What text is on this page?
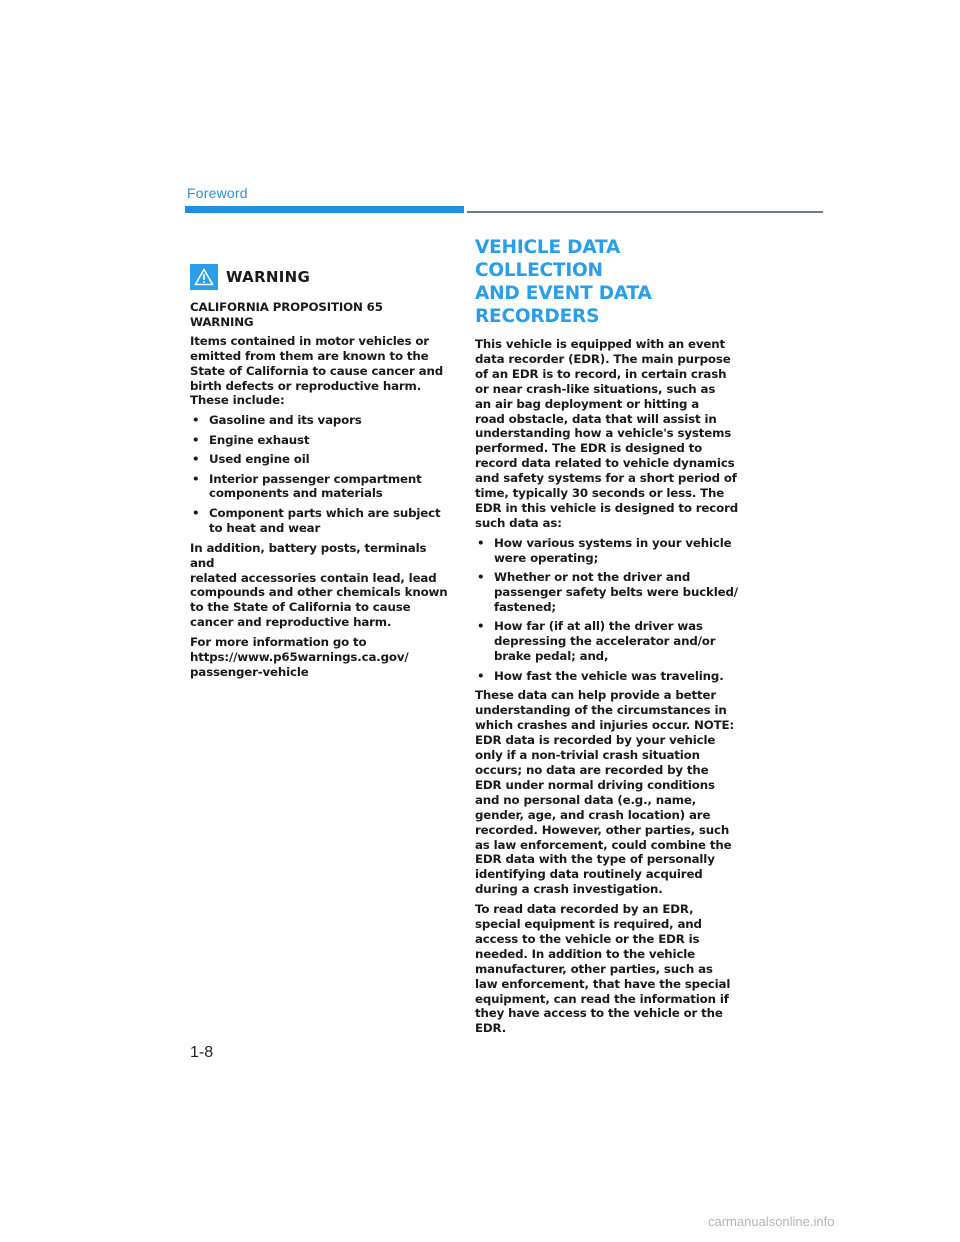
Foreword
WARNING

CALIFORNIA PROPOSITION 65
WARNING

Items contained in motor vehicles or
emitted from them are known to the
State of California to cause cancer and
birth defects or reproductive harm.
These include:

• Gasoline and its vapors
• Engine exhaust
• Used engine oil
• Interior passenger compartment
components and materials
• Component parts which are subject
to heat and wear

In addition, battery posts, terminals and
related accessories contain lead, lead
compounds and other chemicals known
to the State of California to cause
cancer and reproductive harm.

For more information go to
https://www.p65warnings.ca.gov/
passenger-vehicle

VEHICLE DATA COLLECTION
AND EVENT DATA
RECORDERS

This vehicle is equipped with an event
data recorder (EDR). The main purpose
of an EDR is to record, in certain crash
or near crash-like situations, such as
an air bag deployment or hitting a
road obstacle, data that will assist in
understanding how a vehicle's systems
performed. The EDR is designed to
record data related to vehicle dynamics
and safety systems for a short period of
time, typically 30 seconds or less. The
EDR in this vehicle is designed to record
such data as:

• How various systems in your vehicle
were operating;
• Whether or not the driver and
passenger safety belts were buckled/
fastened;
• How far (if at all) the driver was
depressing the accelerator and/or
brake pedal; and,
• How fast the vehicle was traveling.

These data can help provide a better
understanding of the circumstances in
which crashes and injuries occur. NOTE:
EDR data is recorded by your vehicle
only if a non-trivial crash situation
occurs; no data are recorded by the
EDR under normal driving conditions
and no personal data (e.g., name,
gender, age, and crash location) are
recorded. However, other parties, such
as law enforcement, could combine the
EDR data with the type of personally
identifying data routinely acquired
during a crash investigation.

To read data recorded by an EDR,
special equipment is required, and
access to the vehicle or the EDR is
needed. In addition to the vehicle
manufacturer, other parties, such as
law enforcement, that have the special
equipment, can read the information if
they have access to the vehicle or the
EDR.

1-8
carmanualsonline.info
